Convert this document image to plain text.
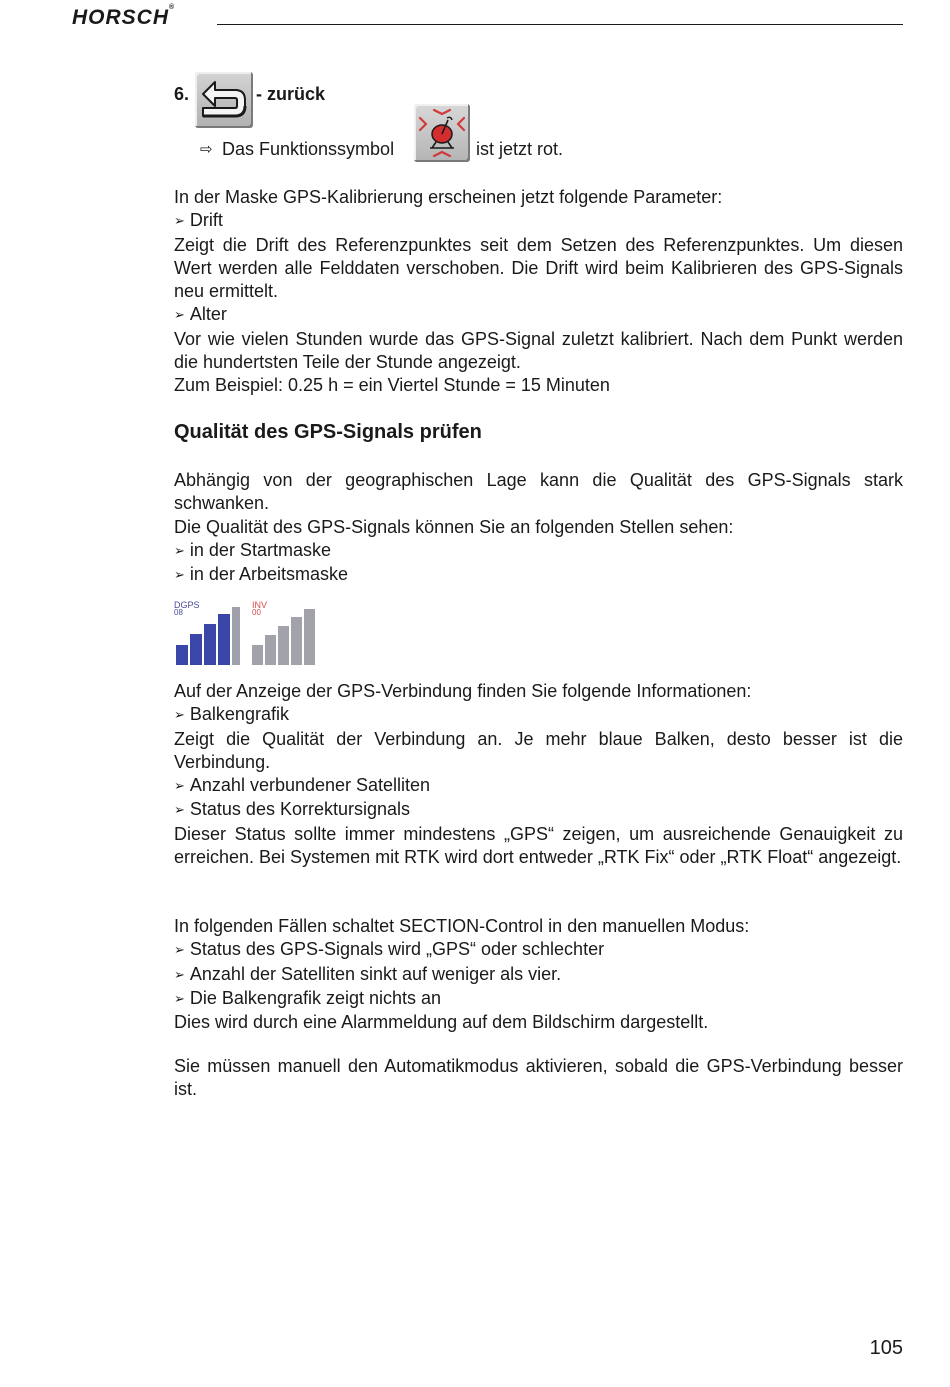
HORSCH®
6.	- zurück
⇨ Das Funktionssymbol	ist jetzt rot.

In der Maske GPS-Kalibrierung erscheinen jetzt folgende Parameter:

➢ Drift

Zeigt die Drift des Referenzpunktes seit dem Setzen des Referenzpunktes. Um diesen Wert werden alle Felddaten verschoben. Die Drift wird beim Kalibrieren des GPS-Signals neu ermittelt.

➢ Alter

Vor wie vielen Stunden wurde das GPS-Signal zuletzt kalibriert. Nach dem Punkt werden die hundertsten Teile der Stunde angezeigt.

Zum Beispiel: 0.25 h = ein Viertel Stunde = 15 Minuten

Qualität des GPS-Signals prüfen

Abhängig von der geographischen Lage kann die Qualität des GPS-Signals stark schwanken.

Die Qualität des GPS-Signals können Sie an folgenden Stellen sehen:

➢ in der Startmaske

➢ in der Arbeitsmaske

DGPS
08
INV
00

Auf der Anzeige der GPS-Verbindung finden Sie folgende Informationen:

➢ Balkengrafik

Zeigt die Qualität der Verbindung an. Je mehr blaue Balken, desto besser ist die Verbindung.

➢ Anzahl verbundener Satelliten

➢ Status des Korrektursignals

Dieser Status sollte immer mindestens „GPS“ zeigen, um ausreichende Genauigkeit zu erreichen. Bei Systemen mit RTK wird dort entweder „RTK Fix“ oder „RTK Float“ angezeigt.

In folgenden Fällen schaltet SECTION-Control in den manuellen Modus:

➢ Status des GPS-Signals wird „GPS“ oder schlechter

➢ Anzahl der Satelliten sinkt auf weniger als vier.

➢ Die Balkengrafik zeigt nichts an

Dies wird durch eine Alarmmeldung auf dem Bildschirm dargestellt.

Sie müssen manuell den Automatikmodus aktivieren, sobald die GPS-Verbindung besser ist.

105
